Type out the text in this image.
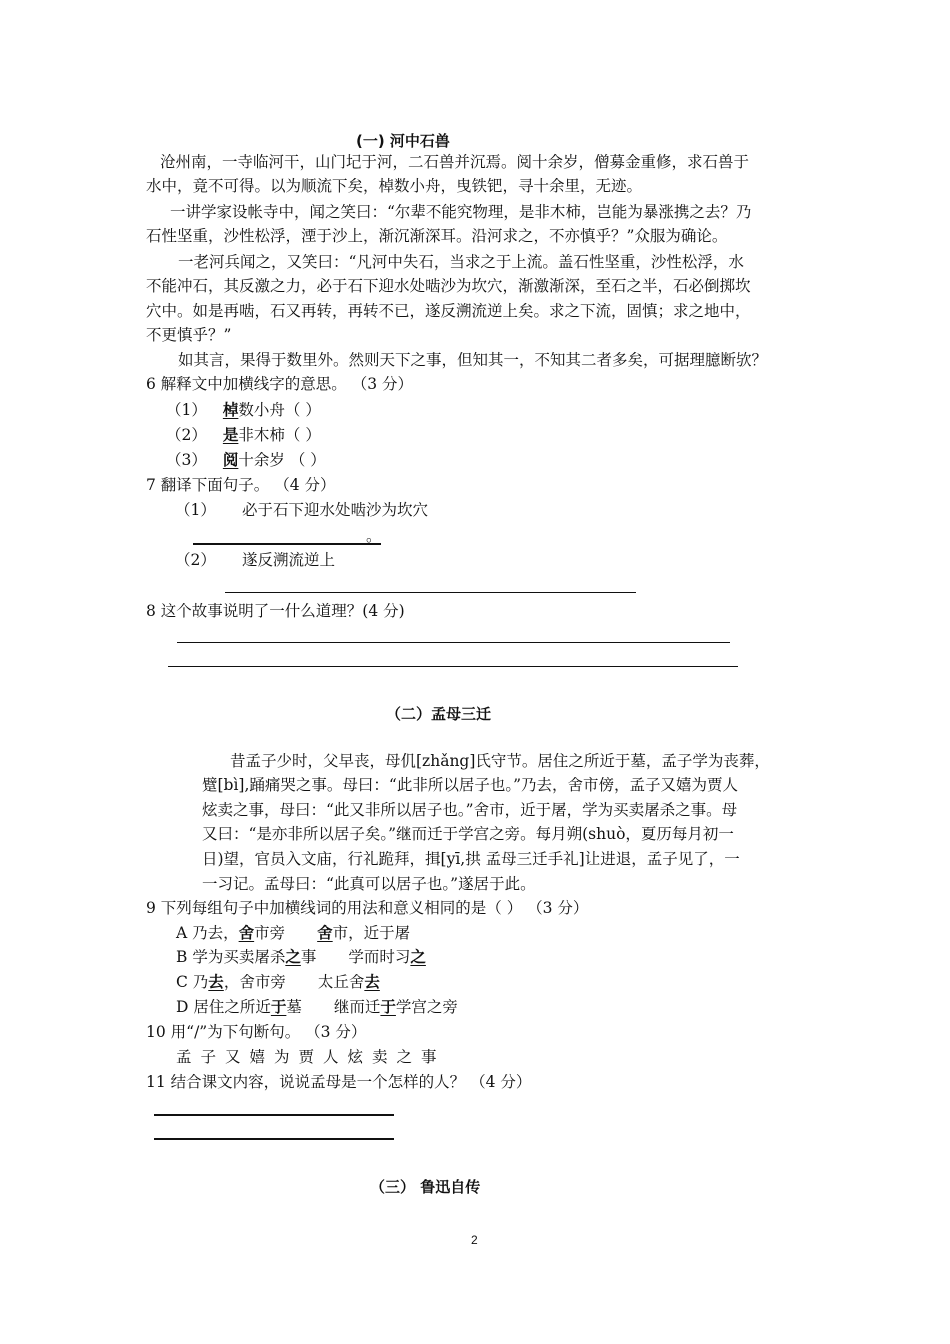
(一) 河中石兽
沧州南，一寺临河干，山门圮于河，二石兽并沉焉。阅十余岁，僧募金重修，求石兽于
水中，竟不可得。以为顺流下矣，棹数小舟，曳铁钯，寻十余里，无迹。
一讲学家设帐寺中，闻之笑曰：“尔辈不能究物理，是非木柿，岂能为暴涨携之去？乃
石性坚重，沙性松浮，湮于沙上，渐沉渐深耳。沿河求之，不亦慎乎？”众服为确论。
一老河兵闻之，又笑曰：“凡河中失石，当求之于上流。盖石性坚重，沙性松浮，水
不能冲石，其反激之力，必于石下迎水处啮沙为坎穴，渐激渐深，至石之半，石必倒掷坎
穴中。如是再啮，石又再转，再转不已，遂反溯流逆上矣。求之下流，固慎；求之地中，
不更慎乎？”
如其言，果得于数里外。然则天下之事，但知其一，不知其二者多矣，可据理臆断欤？
6 解释文中加横线字的意思。 （3 分）
（1） 棹数小舟（ ）
（2） 是非木柿（ ）
（3） 阅十余岁 （ ）
7 翻译下面句子。 （4 分）
（1） 必于石下迎水处啮沙为坎穴
。
（2） 遂反溯流逆上
8 这个故事说明了一什么道理？(4 分)
（二）孟母三迁
昔孟子少时，父早丧，母仉[zhǎng]氏守节。居住之所近于墓，孟子学为丧葬，
躄[bì],踊痛哭之事。母曰：“此非所以居子也。”乃去，舍市傍，孟子又嬉为贾人
炫卖之事，母曰：“此又非所以居子也。”舍市，近于屠，学为买卖屠杀之事。母
又曰：“是亦非所以居子矣。”继而迁于学宫之旁。每月朔(shuò，夏历每月初一
日)望，官员入文庙，行礼跪拜，揖[yī,拱 孟母三迁手礼]让进退，孟子见了，一
一习记。孟母曰：“此真可以居子也。”遂居于此。
9 下列每组句子中加横线词的用法和意义相同的是（ ） （3 分）
A 乃去，舍市旁 舍市，近于屠
B 学为买卖屠杀之事 学而时习之
C 乃去，舍市旁 太丘舍去
D 居住之所近于墓 继而迁于学宫之旁
10 用“/”为下句断句。 （3 分）
孟子又嬉为贾人炫卖之事
11 结合课文内容，说说孟母是一个怎样的人？ （4 分）
（三） 鲁迅自传
2
